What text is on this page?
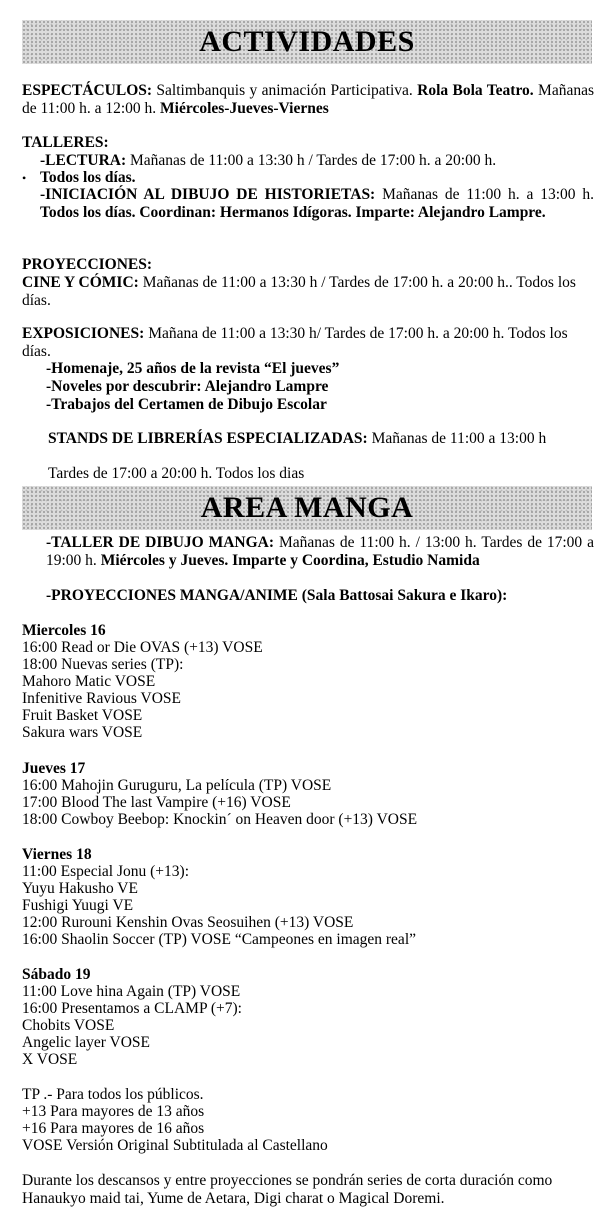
ACTIVIDADES
ESPECTÁCULOS: Saltimbanquis y animación Participativa. Rola Bola Teatro. Mañanas de 11:00 h. a 12:00 h. Miércoles-Jueves-Viernes
TALLERES:
-LECTURA: Mañanas de 11:00 a 13:30 h / Tardes de 17:00 h. a 20:00 h.
• Todos los días.
-INICIACIÓN AL DIBUJO DE HISTORIETAS: Mañanas de 11:00 h. a 13:00 h. Todos los días. Coordinan: Hermanos Idígoras. Imparte: Alejandro Lampre.
PROYECCIONES:
CINE Y CÓMIC: Mañanas de 11:00 a 13:30 h / Tardes de 17:00 h. a 20:00 h.. Todos los días.
EXPOSICIONES: Mañana de 11:00 a 13:30 h/ Tardes de 17:00 h. a 20:00 h. Todos los días.
-Homenaje, 25 años de la revista “El jueves”
-Noveles por descubrir: Alejandro Lampre
-Trabajos del Certamen de Dibujo Escolar
STANDS DE LIBRERÍAS ESPECIALIZADAS: Mañanas de 11:00 a 13:00 h
Tardes de 17:00 a 20:00 h. Todos los dias
AREA MANGA
-TALLER DE DIBUJO MANGA: Mañanas de 11:00 h. / 13:00 h. Tardes de 17:00 a 19:00 h. Miércoles y Jueves. Imparte y Coordina, Estudio Namida
-PROYECCIONES MANGA/ANIME (Sala Battosai Sakura e Ikaro):
Miercoles 16
16:00 Read or Die OVAS (+13) VOSE
18:00 Nuevas series (TP):
Mahoro Matic VOSE
Infenitive Ravious VOSE
Fruit Basket VOSE
Sakura wars VOSE
Jueves 17
16:00 Mahojin Guruguru, La película (TP) VOSE
17:00 Blood The last Vampire (+16) VOSE
18:00 Cowboy Beebop: Knockin´ on Heaven door (+13) VOSE
Viernes 18
11:00 Especial Jonu (+13):
Yuyu Hakusho VE
Fushigi Yuugi VE
12:00 Rurouni Kenshin Ovas Seosuihen (+13) VOSE
16:00 Shaolin Soccer (TP) VOSE “Campeones en imagen real”
Sábado 19
11:00 Love hina Again (TP) VOSE
16:00 Presentamos a CLAMP (+7):
Chobits VOSE
Angelic layer VOSE
X VOSE
TP .- Para todos los públicos.
+13 Para mayores de 13 años
+16 Para mayores de 16 años
VOSE Versión Original Subtitulada al Castellano
Durante los descansos y entre proyecciones se pondrán series de corta duración como Hanaukyo maid tai, Yume de Aetara, Digi charat o Magical Doremi.
